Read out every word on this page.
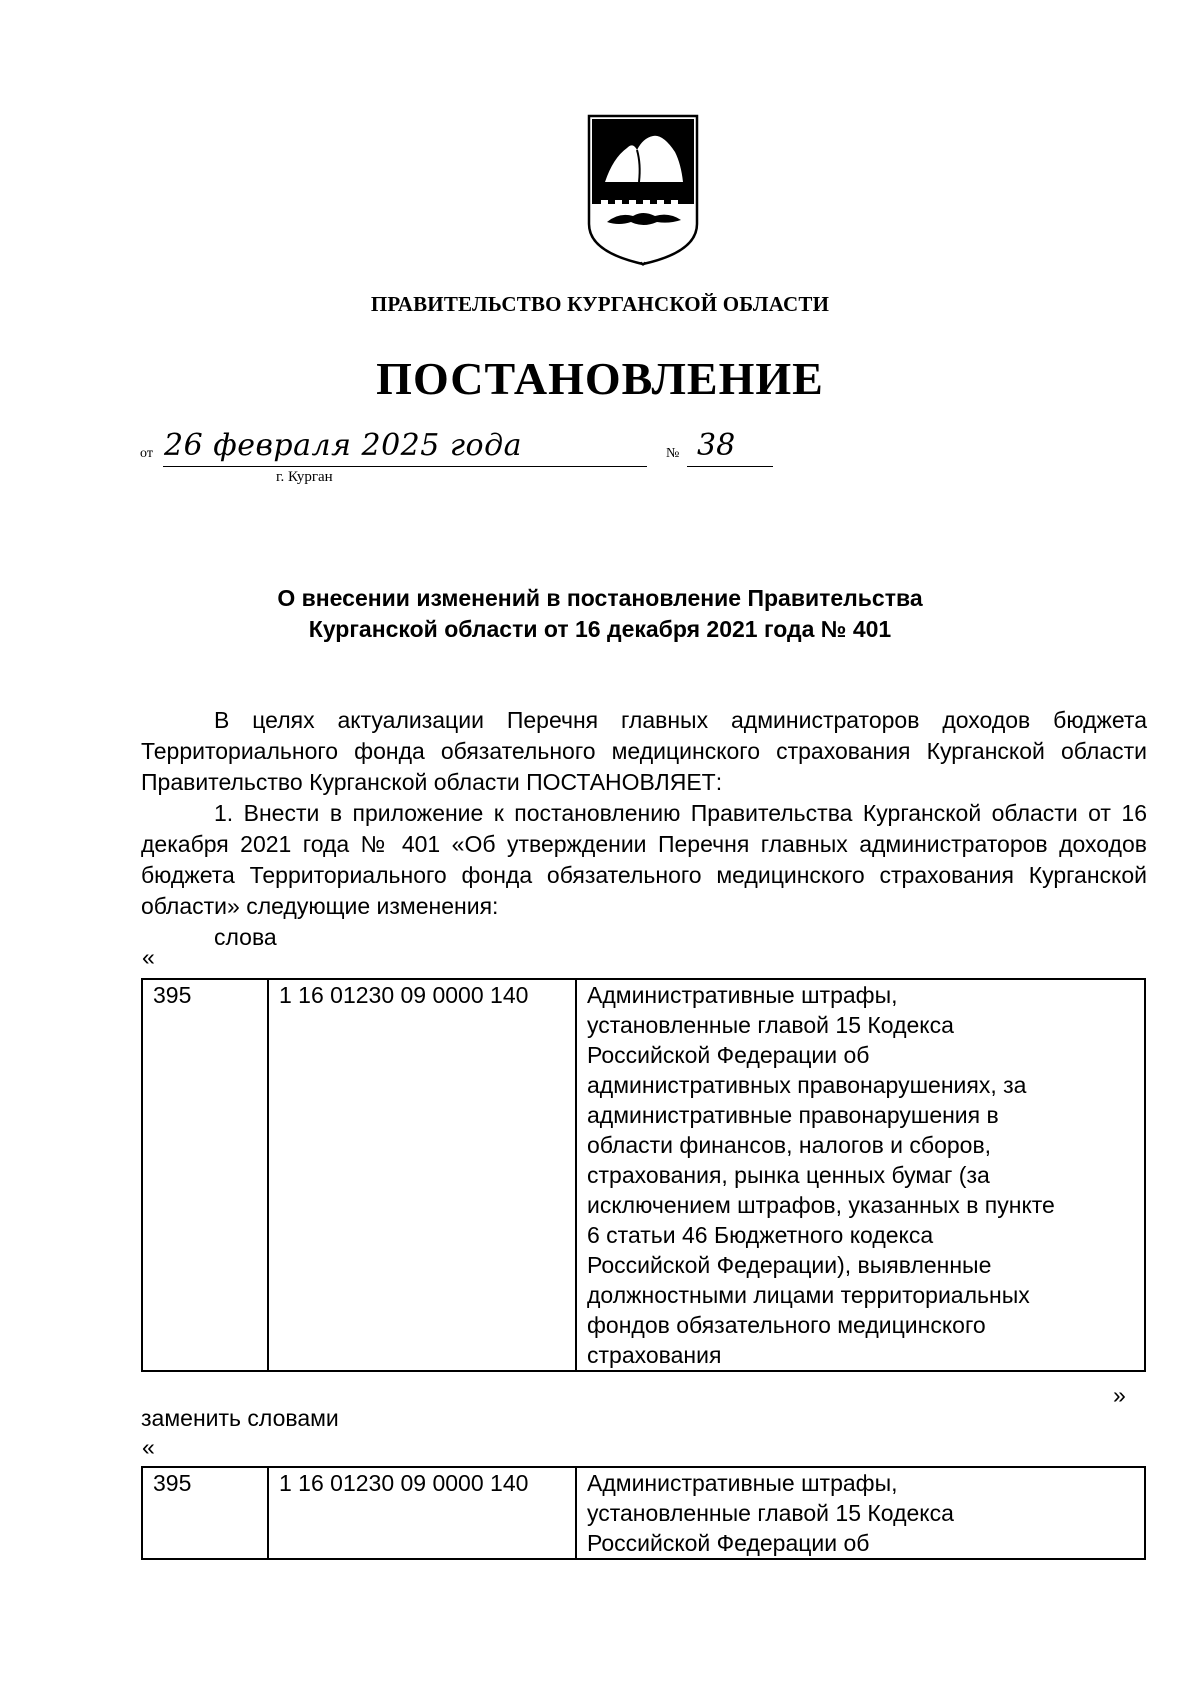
ПРАВИТЕЛЬСТВО КУРГАНСКОЙ ОБЛАСТИ
ПОСТАНОВЛЕНИЕ
от 26 февраля 2025 года	№ 38
г. Курган
О внесении изменений в постановление Правительства
Курганской области от 16 декабря 2021 года № 401

В целях актуализации Перечня главных администраторов доходов бюджета Территориального фонда обязательного медицинского страхования Курганской области Правительство Курганской области ПОСТАНОВЛЯЕТ:

1. Внести в приложение к постановлению Правительства Курганской области от 16 декабря 2021 года № 401 «Об утверждении Перечня главных администраторов доходов бюджета Территориального фонда обязательного медицинского страхования Курганской области» следующие изменения:

слова

«
395	1 16 01230 09 0000 140	Административные штрафы,
установленные главой 15 Кодекса
Российской Федерации об
административных правонарушениях, за
административные правонарушения в
области финансов, налогов и сборов,
страхования, рынка ценных бумаг (за
исключением штрафов, указанных в пункте
6 статьи 46 Бюджетного кодекса
Российской Федерации), выявленные
должностными лицами территориальных
фондов обязательного медицинского
страхования
»
заменить словами
«
395	1 16 01230 09 0000 140	Административные штрафы,
установленные главой 15 Кодекса
Российской Федерации об
